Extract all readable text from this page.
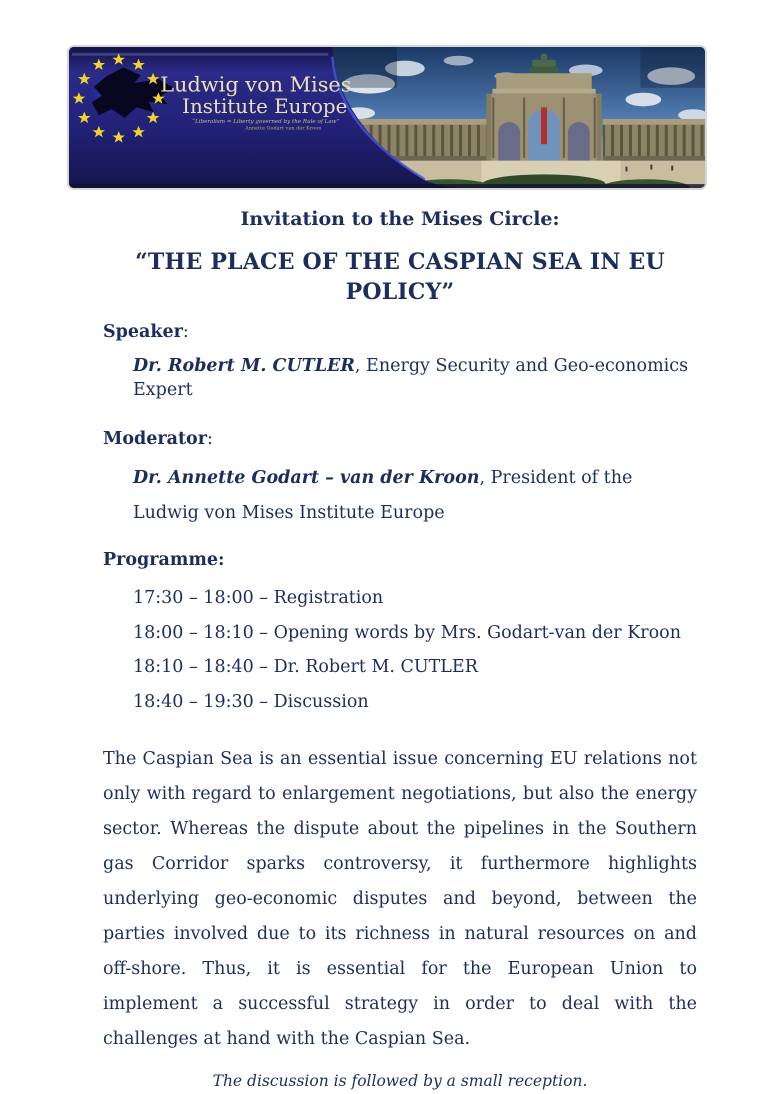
Ludwig von Mises
Institute Europe
“Liberalism = Liberty governed by the Rule of Law”
Annette Godart van der Kroon
Invitation to the Mises Circle:
“THE PLACE OF THE CASPIAN SEA IN EU POLICY”
Speaker:
Dr. Robert M. CUTLER, Energy Security and Geo-economics Expert
Moderator:
Dr. Annette Godart – van der Kroon, President of the Ludwig von Mises Institute Europe
Programme:
17:30 – 18:00 – Registration
18:00 – 18:10 – Opening words by Mrs. Godart-van der Kroon
18:10 – 18:40 – Dr. Robert M. CUTLER
18:40 – 19:30 – Discussion

The Caspian Sea is an essential issue concerning EU relations not only with regard to enlargement negotiations, but also the energy sector. Whereas the dispute about the pipelines in the Southern gas Corridor sparks controversy, it furthermore highlights underlying geo-economic disputes and beyond, between the parties involved due to its richness in natural resources on and off-shore. Thus, it is essential for the European Union to implement a successful strategy in order to deal with the challenges at hand with the Caspian Sea.

The discussion is followed by a small reception.
